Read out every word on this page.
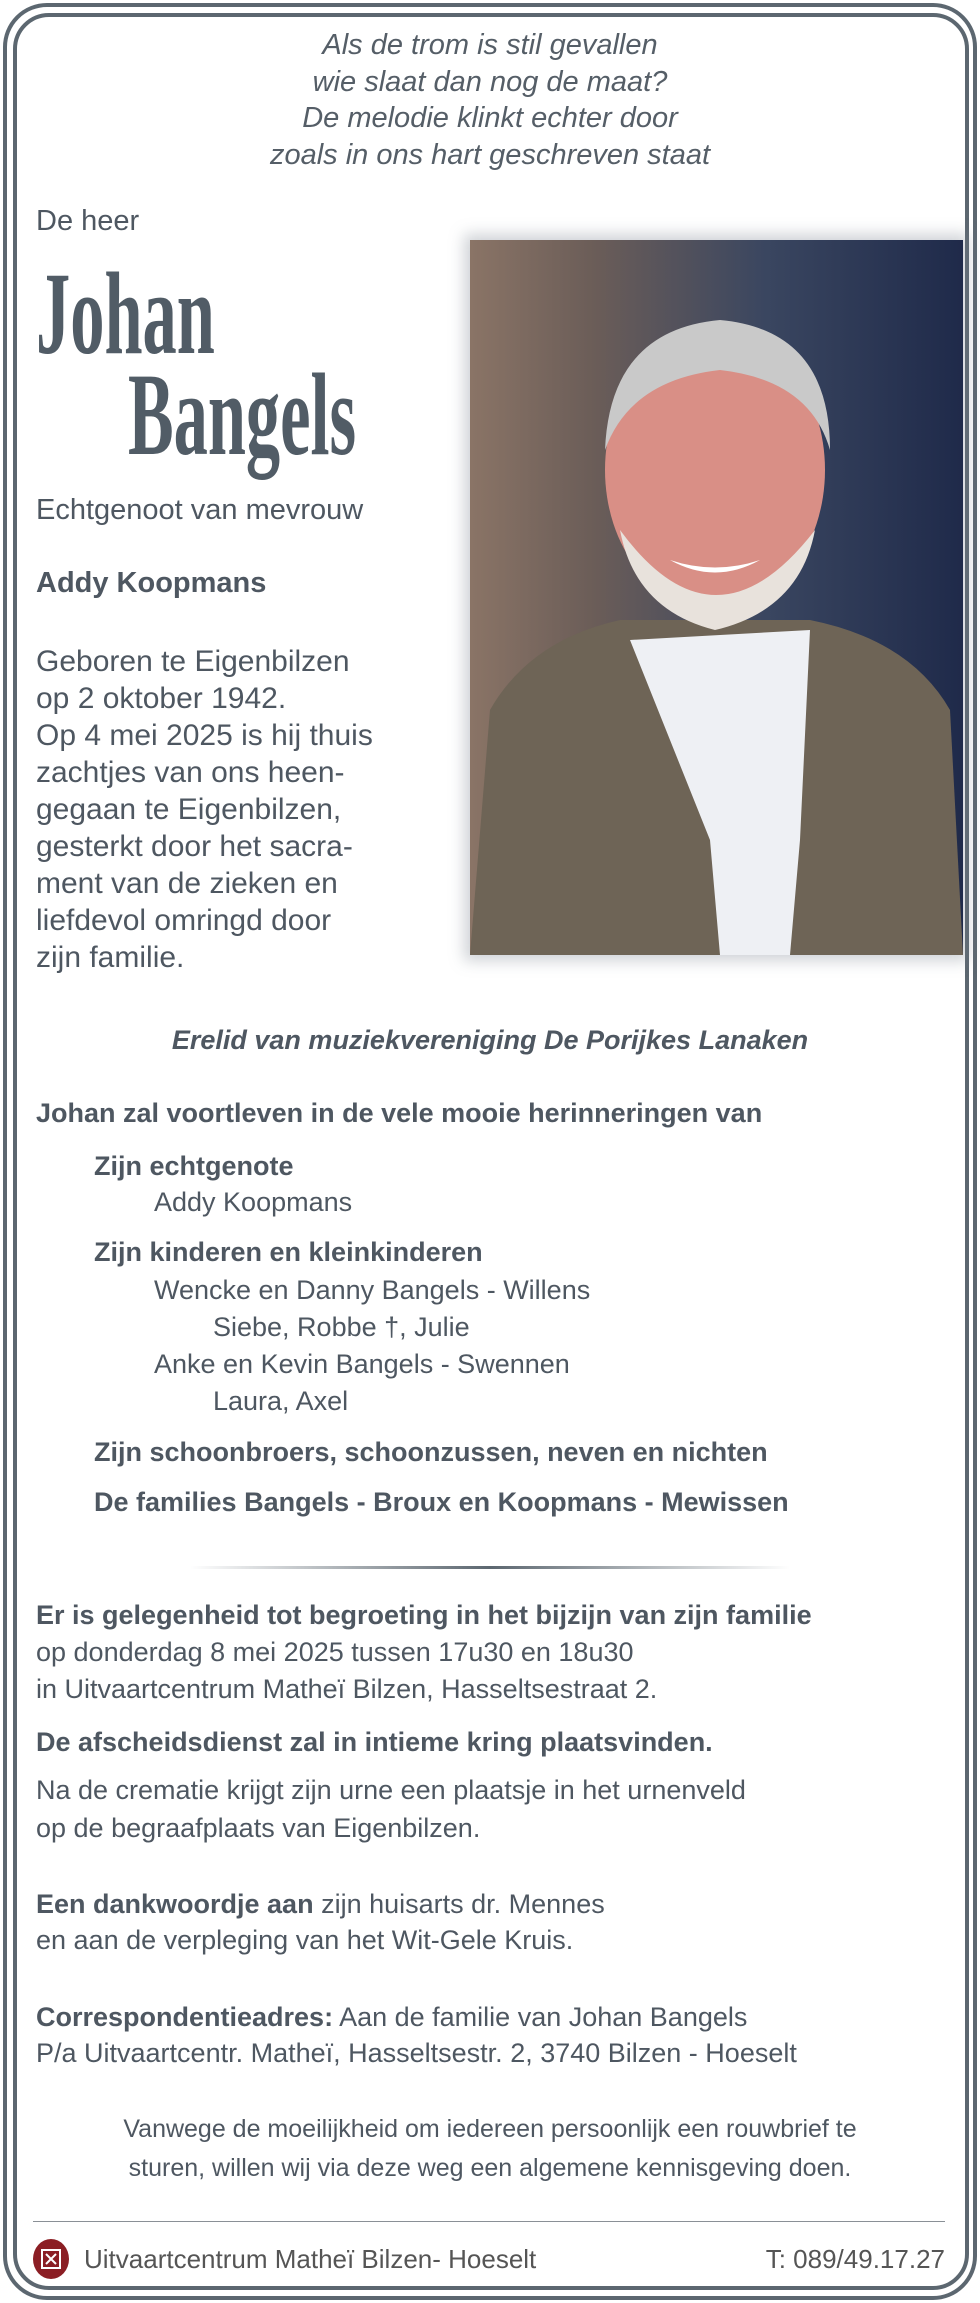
Als de trom is stil gevallen
wie slaat dan nog de maat?
De melodie klinkt echter door
zoals in ons hart geschreven staat
De heer
Johan
Bangels
Echtgenoot van mevrouw
Addy Koopmans
Geboren te Eigenbilzen
op 2 oktober 1942.
Op 4 mei 2025 is hij thuis
zachtjes van ons heen-
gegaan te Eigenbilzen,
gesterkt door het sacra-
ment van de zieken en
liefdevol omringd door
zijn familie.
Erelid van muziekvereniging De Porijkes Lanaken
Johan zal voortleven in de vele mooie herinneringen van
Zijn echtgenote
Addy Koopmans
Zijn kinderen en kleinkinderen
Wencke en Danny Bangels - Willens
Siebe, Robbe †, Julie
Anke en Kevin Bangels - Swennen
Laura, Axel
Zijn schoonbroers, schoonzussen, neven en nichten
De families Bangels - Broux en Koopmans - Mewissen
Er is gelegenheid tot begroeting in het bijzijn van zijn familie
op donderdag 8 mei 2025 tussen 17u30 en 18u30
in Uitvaartcentrum Matheï Bilzen, Hasseltsestraat 2.
De afscheidsdienst zal in intieme kring plaatsvinden.
Na de crematie krijgt zijn urne een plaatsje in het urnenveld
op de begraafplaats van Eigenbilzen.
Een dankwoordje aan zijn huisarts dr. Mennes
en aan de verpleging van het Wit-Gele Kruis.
Correspondentieadres: Aan de familie van Johan Bangels
P/a Uitvaartcentr. Matheï, Hasseltsestr. 2, 3740 Bilzen - Hoeselt
Vanwege de moeilijkheid om iedereen persoonlijk een rouwbrief te
sturen, willen wij via deze weg een algemene kennisgeving doen.
Uitvaartcentrum Matheï Bilzen- Hoeselt	T: 089/49.17.27
